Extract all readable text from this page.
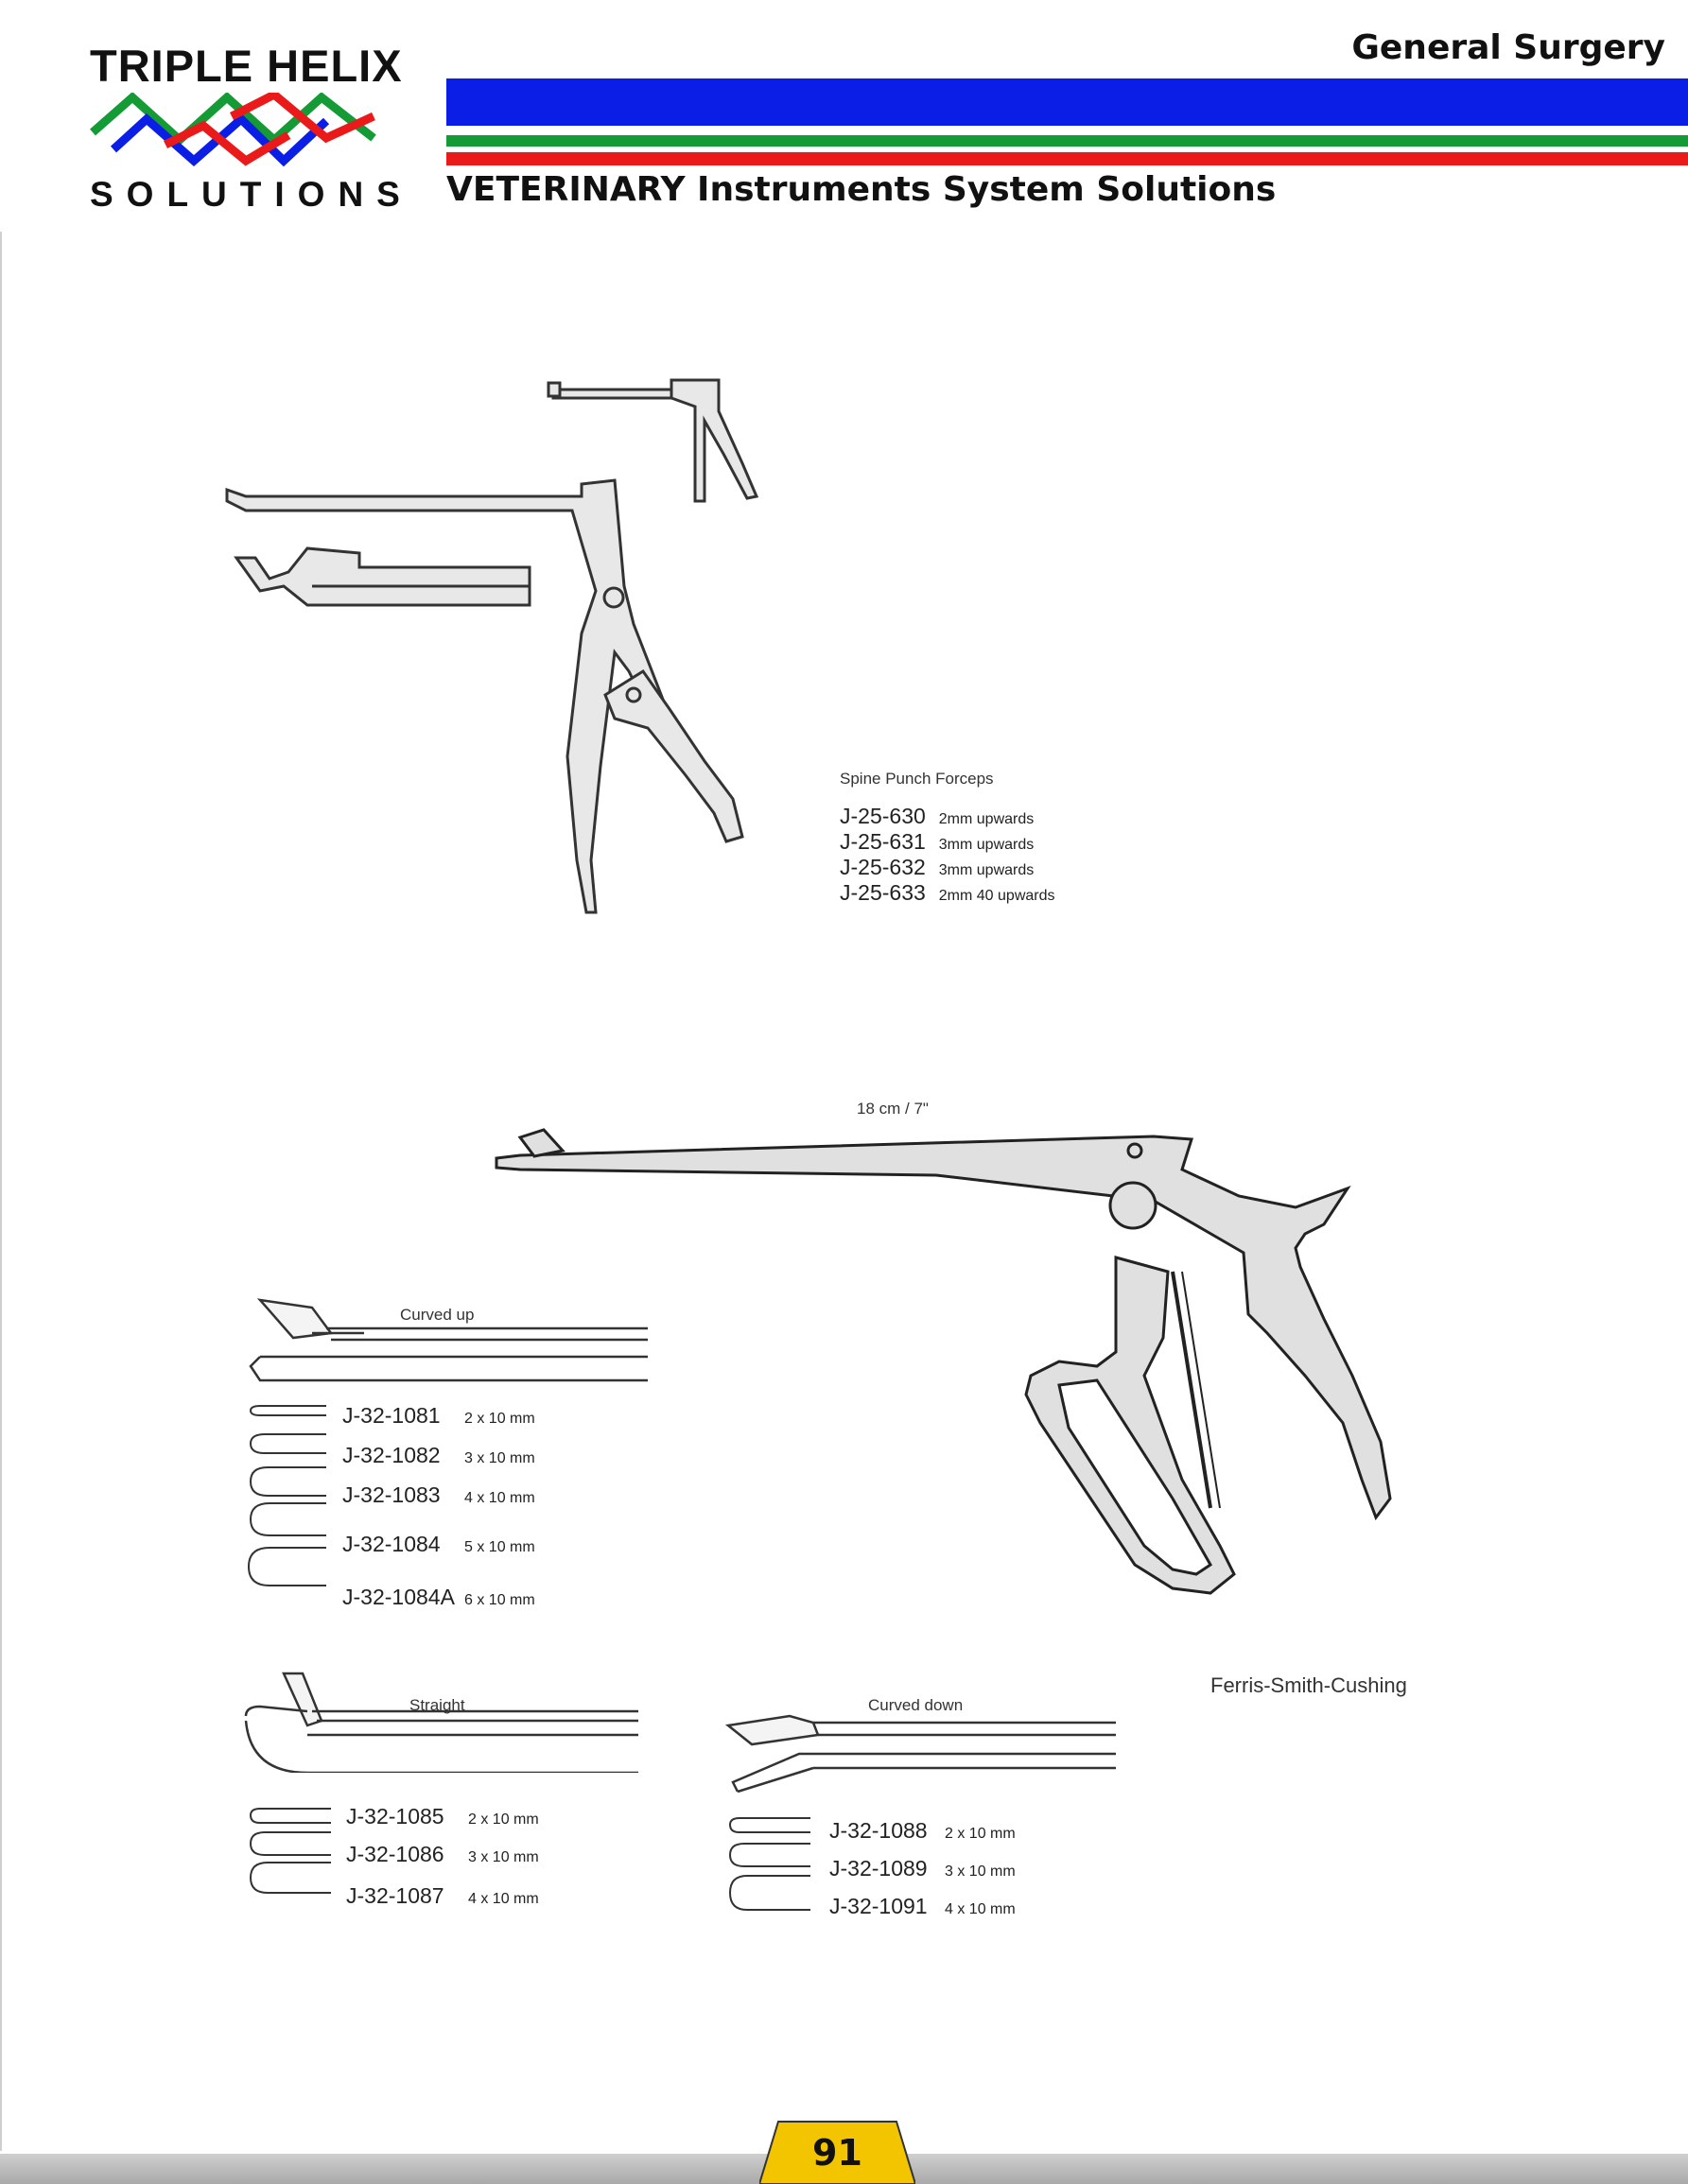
TRIPLE HELIX
SOLUTIONS
General Surgery
VETERINARY Instruments System Solutions
Spine Punch Forceps
J-25-630 2mm upwards
J-25-631 3mm upwards
J-25-632 3mm upwards
J-25-633 2mm 40 upwards
18 cm / 7"
Ferris-Smith-Cushing
Curved up
J-32-1081	2 x 10 mm
J-32-1082	3 x 10 mm
J-32-1083	4 x 10 mm
J-32-1084	5 x 10 mm
J-32-1084A 6 x 10 mm
Straight
J-32-1085	2 x 10 mm
J-32-1086	3 x 10 mm
J-32-1087	4 x 10 mm
Curved down
J-32-1088 2 x 10 mm
J-32-1089 3 x 10 mm
J-32-1091 4 x 10 mm
91
